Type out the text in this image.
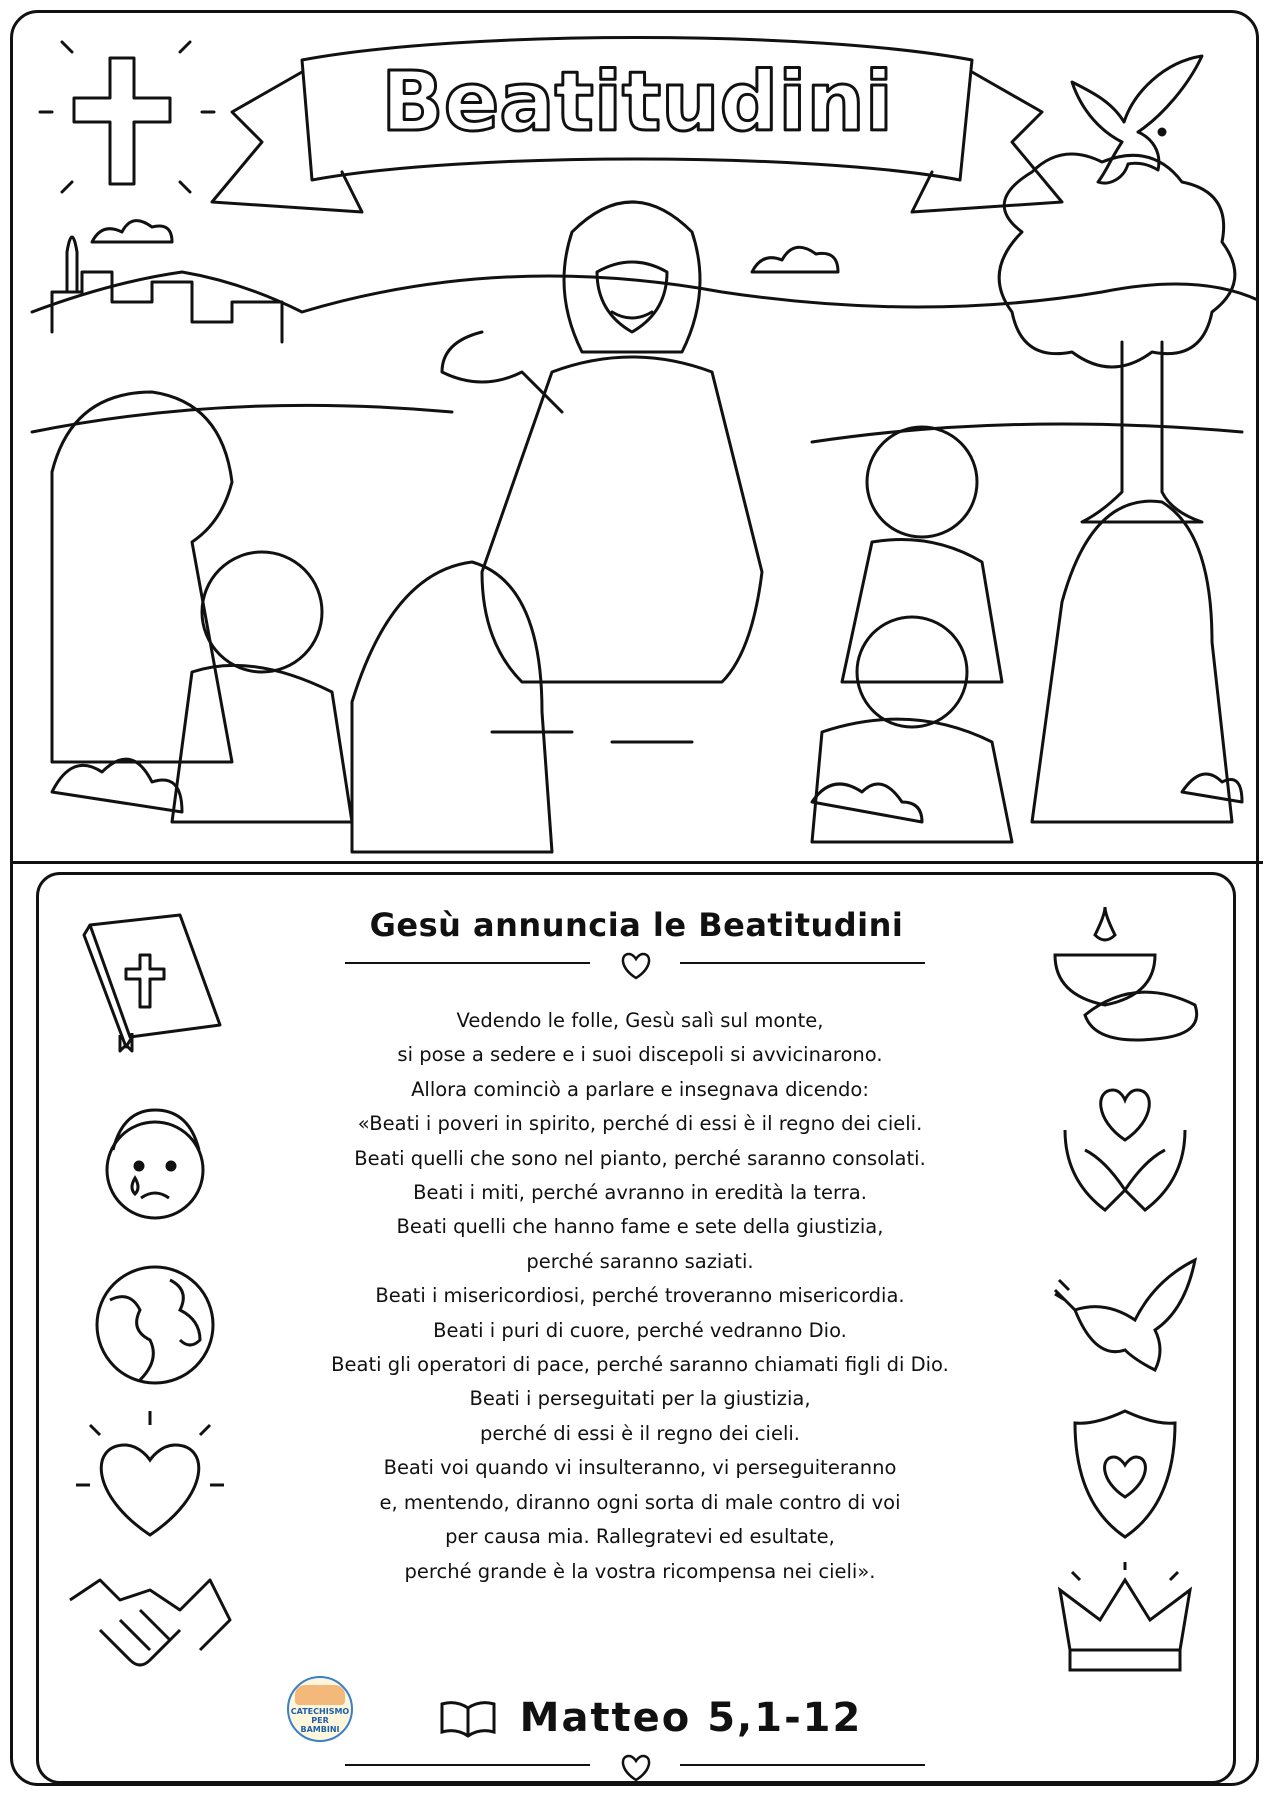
Beatitudini
Gesù annuncia le Beatitudini
Vedendo le folle, Gesù salì sul monte,
si pose a sedere e i suoi discepoli si avvicinarono.
Allora cominciò a parlare e insegnava dicendo:
«Beati i poveri in spirito, perché di essi è il regno dei cieli.
Beati quelli che sono nel pianto, perché saranno consolati.
Beati i miti, perché avranno in eredità la terra.
Beati quelli che hanno fame e sete della giustizia,
perché saranno saziati.
Beati i misericordiosi, perché troveranno misericordia.
Beati i puri di cuore, perché vedranno Dio.
Beati gli operatori di pace, perché saranno chiamati figli di Dio.
Beati i perseguitati per la giustizia,
perché di essi è il regno dei cieli.
Beati voi quando vi insulteranno, vi perseguiteranno
e, mentendo, diranno ogni sorta di male contro di voi
per causa mia. Rallegratevi ed esultate,
perché grande è la vostra ricompensa nei cieli».
CATECHISMO
PER
BAMBINI	Matteo 5,1-12
